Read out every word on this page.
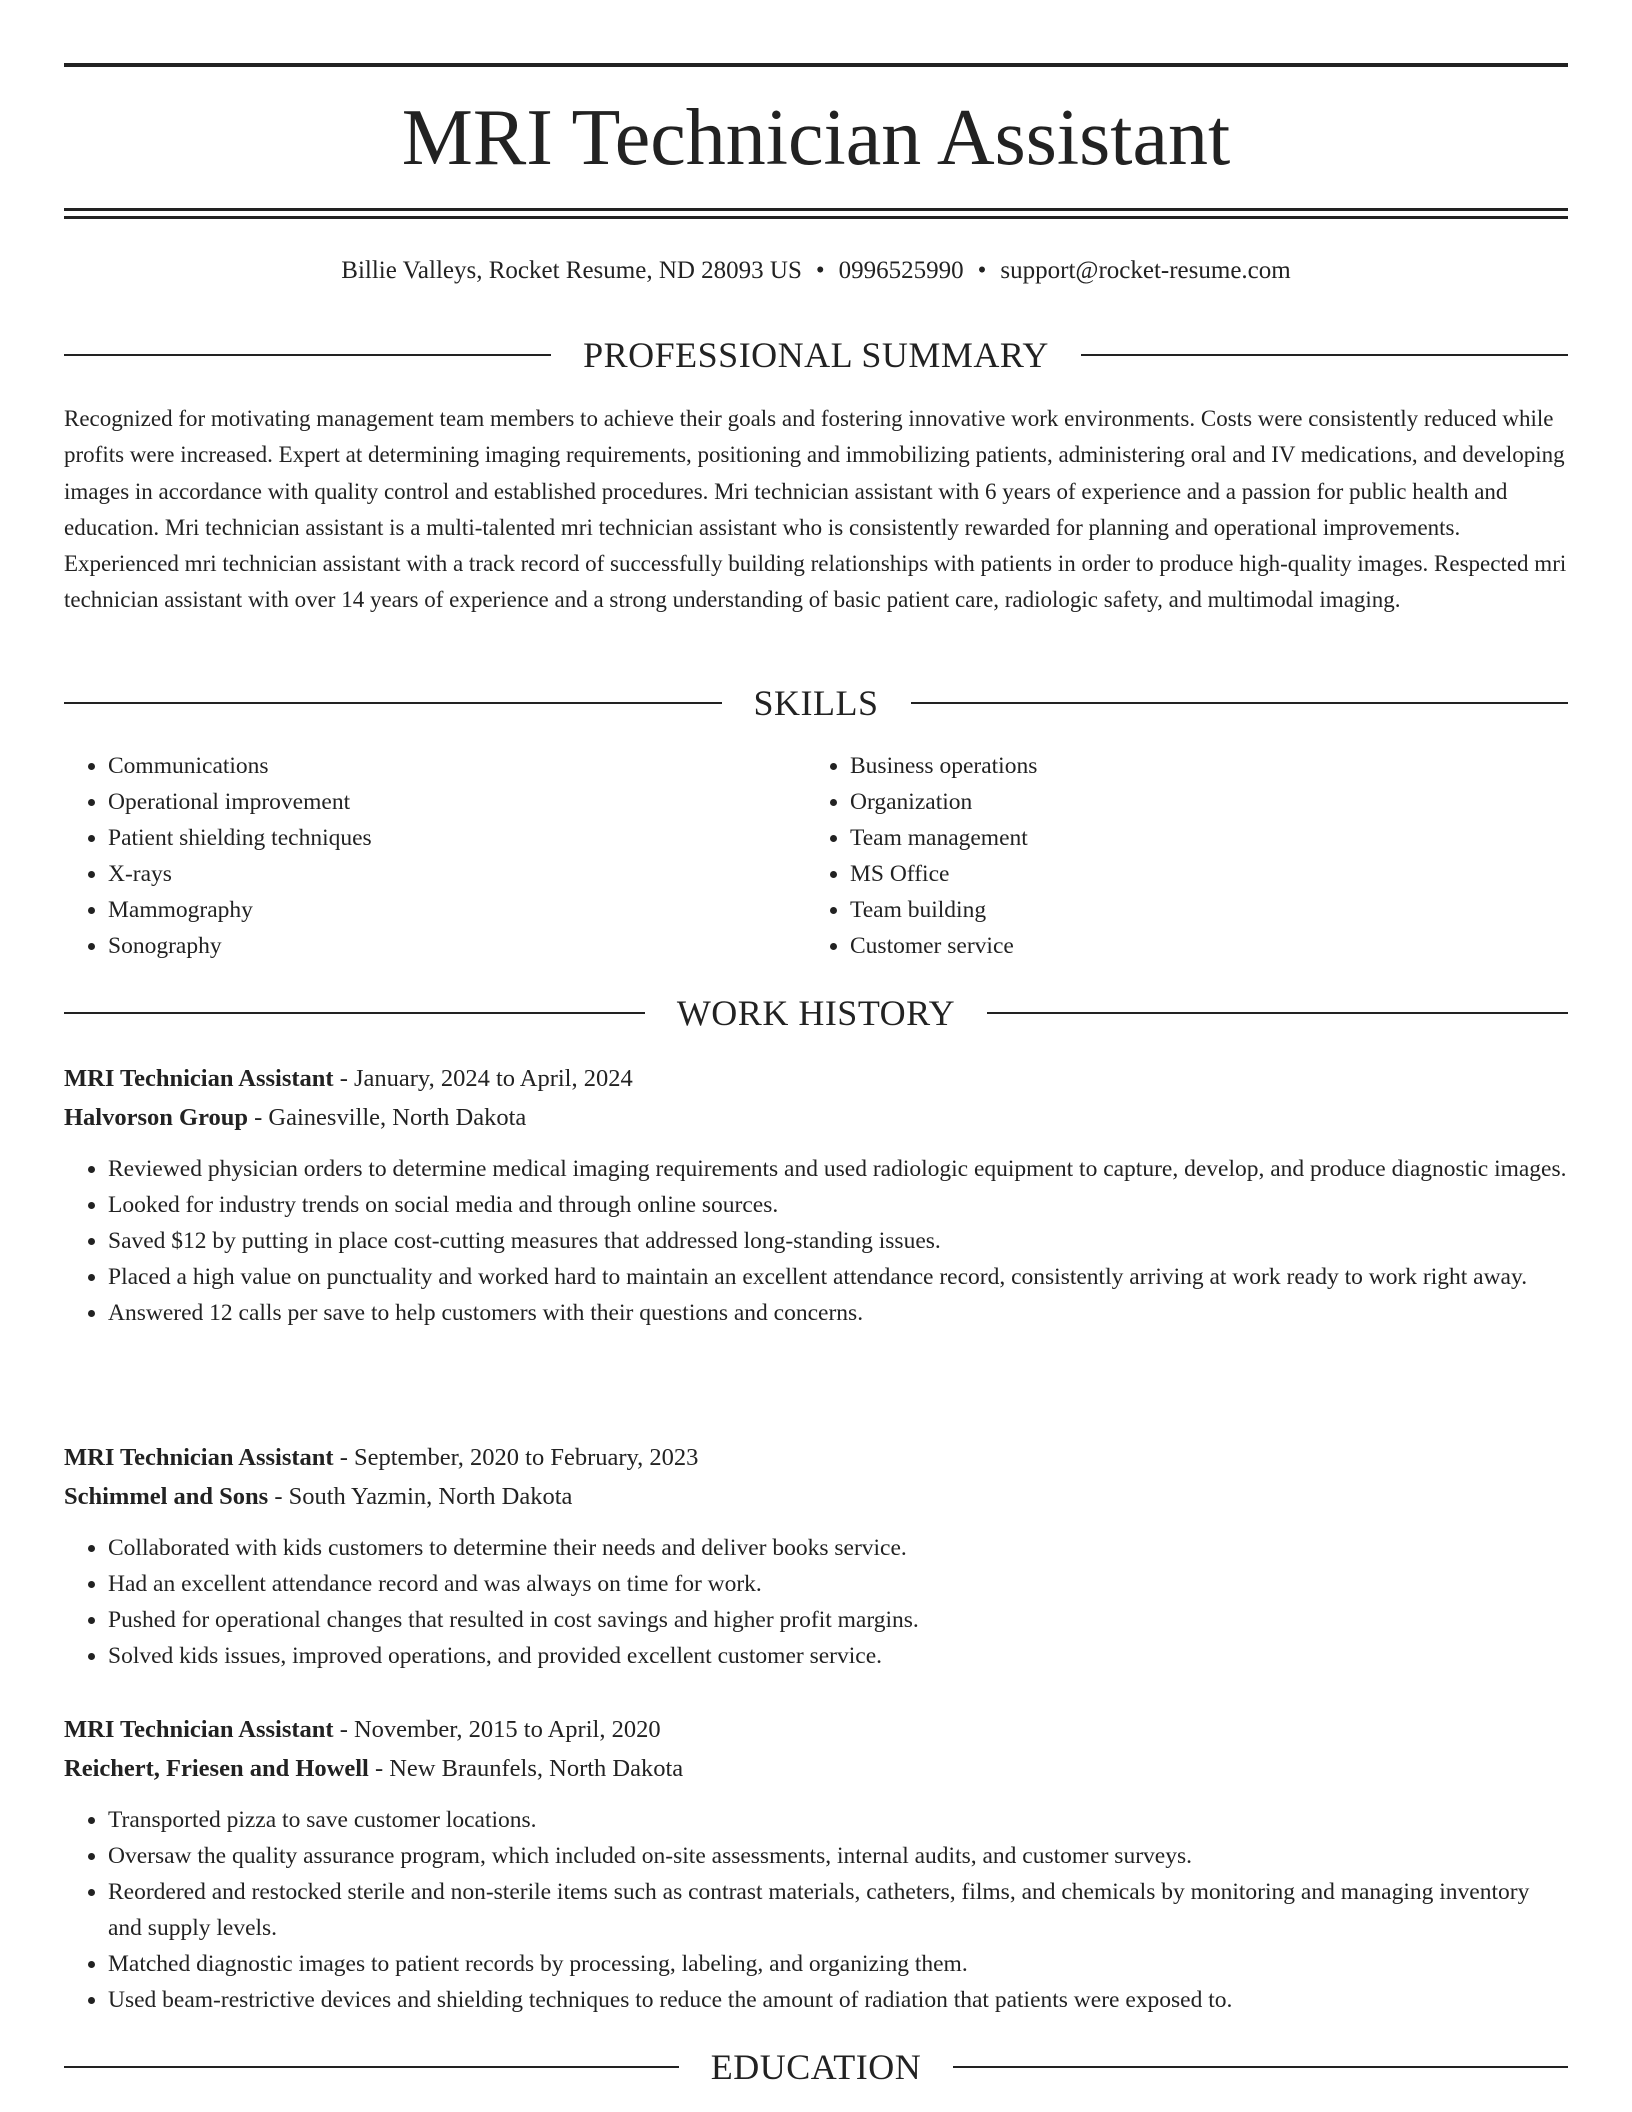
MRI Technician Assistant
Billie Valleys, Rocket Resume, ND 28093 US • 0996525990 • support@rocket-resume.com
PROFESSIONAL SUMMARY

Recognized for motivating management team members to achieve their goals and fostering innovative work environments. Costs were consistently reduced while profits were increased. Expert at determining imaging requirements, positioning and immobilizing patients, administering oral and IV medications, and developing images in accordance with quality control and established procedures. Mri technician assistant with 6 years of experience and a passion for public health and education. Mri technician assistant is a multi-talented mri technician assistant who is consistently rewarded for planning and operational improvements. Experienced mri technician assistant with a track record of successfully building relationships with patients in order to produce high-quality images. Respected mri technician assistant with over 14 years of experience and a strong understanding of basic patient care, radiologic safety, and multimodal imaging.

SKILLS
• Communications
• Operational improvement
• Patient shielding techniques
• X-rays
• Mammography
• Sonography
• Business operations
• Organization
• Team management
• MS Office
• Team building
• Customer service
WORK HISTORY
MRI Technician Assistant - January, 2024 to April, 2024
Halvorson Group - Gainesville, North Dakota
• Reviewed physician orders to determine medical imaging requirements and used radiologic equipment to capture, develop, and produce diagnostic images.
• Looked for industry trends on social media and through online sources.
• Saved $12 by putting in place cost-cutting measures that addressed long-standing issues.
• Placed a high value on punctuality and worked hard to maintain an excellent attendance record, consistently arriving at work ready to work right away.
• Answered 12 calls per save to help customers with their questions and concerns.
MRI Technician Assistant - September, 2020 to February, 2023
Schimmel and Sons - South Yazmin, North Dakota
• Collaborated with kids customers to determine their needs and deliver books service.
• Had an excellent attendance record and was always on time for work.
• Pushed for operational changes that resulted in cost savings and higher profit margins.
• Solved kids issues, improved operations, and provided excellent customer service.
MRI Technician Assistant - November, 2015 to April, 2020
Reichert, Friesen and Howell - New Braunfels, North Dakota
• Transported pizza to save customer locations.
• Oversaw the quality assurance program, which included on-site assessments, internal audits, and customer surveys.
• Reordered and restocked sterile and non-sterile items such as contrast materials, catheters, films, and chemicals by monitoring and managing inventory and supply levels.
• Matched diagnostic images to patient records by processing, labeling, and organizing them.
• Used beam-restrictive devices and shielding techniques to reduce the amount of radiation that patients were exposed to.
EDUCATION
